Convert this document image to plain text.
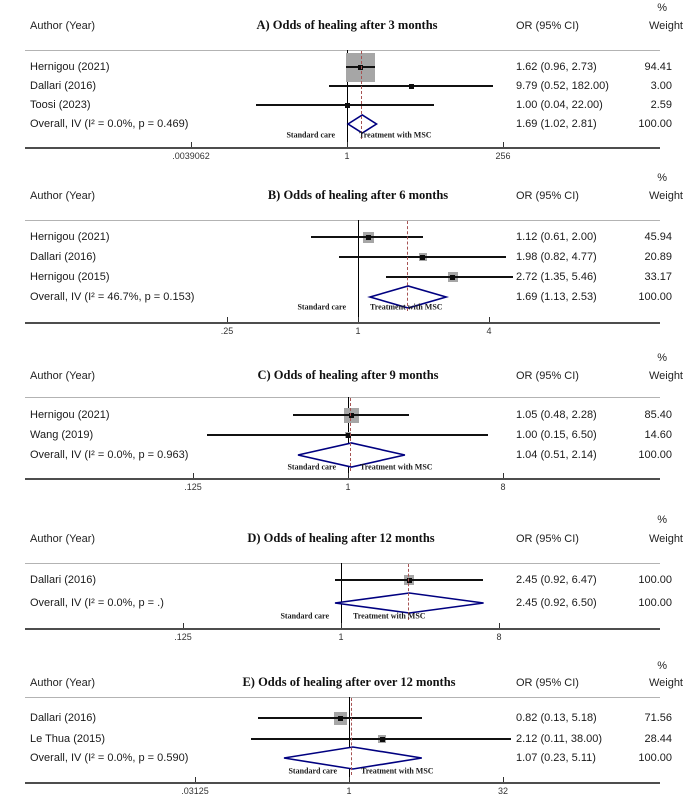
%
Author (Year)	A) Odds of healing after 3 months	OR (95% CI)	Weight
Hernigou (2021)	1.62 (0.96, 2.73)	94.41
Dallari (2016)	9.79 (0.52, 182.00)	3.00
Toosi (2023)	1.00 (0.04, 22.00)	2.59
Overall, IV (I² = 0.0%, p = 0.469)	1.69 (1.02, 2.81)	100.00
Standard care	Treatment with MSC
.0039062	1	256
%
Author (Year)	B) Odds of healing after 6 months	OR (95% CI)	Weight
Hernigou (2021)	1.12 (0.61, 2.00)	45.94
Dallari (2016)	1.98 (0.82, 4.77)	20.89
Hernigou (2015)	2.72 (1.35, 5.46)	33.17
Overall, IV (I² = 46.7%, p = 0.153)	1.69 (1.13, 2.53)	100.00
Standard care	Treatment with MSC
.25	1	4
%
Author (Year)	C) Odds of healing after 9 months	OR (95% CI)	Weight
Hernigou (2021)	1.05 (0.48, 2.28)	85.40
Wang (2019)	1.00 (0.15, 6.50)	14.60
Overall, IV (I² = 0.0%, p = 0.963)	1.04 (0.51, 2.14)	100.00
Standard care	Treatment with MSC
.125	1	8
%
Author (Year)	D) Odds of healing after 12 months	OR (95% CI)	Weight
Dallari (2016)	2.45 (0.92, 6.47)	100.00
Overall, IV (I² = 0.0%, p = .)	2.45 (0.92, 6.50)	100.00
Standard care	Treatment with MSC
.125	1	8
%
Author (Year)	E) Odds of healing after over 12 months	OR (95% CI)	Weight
Dallari (2016)	0.82 (0.13, 5.18)	71.56
Le Thua (2015)	2.12 (0.11, 38.00)	28.44
Overall, IV (I² = 0.0%, p = 0.590)	1.07 (0.23, 5.11)	100.00
Standard care	Treatment with MSC
.03125	1	32
